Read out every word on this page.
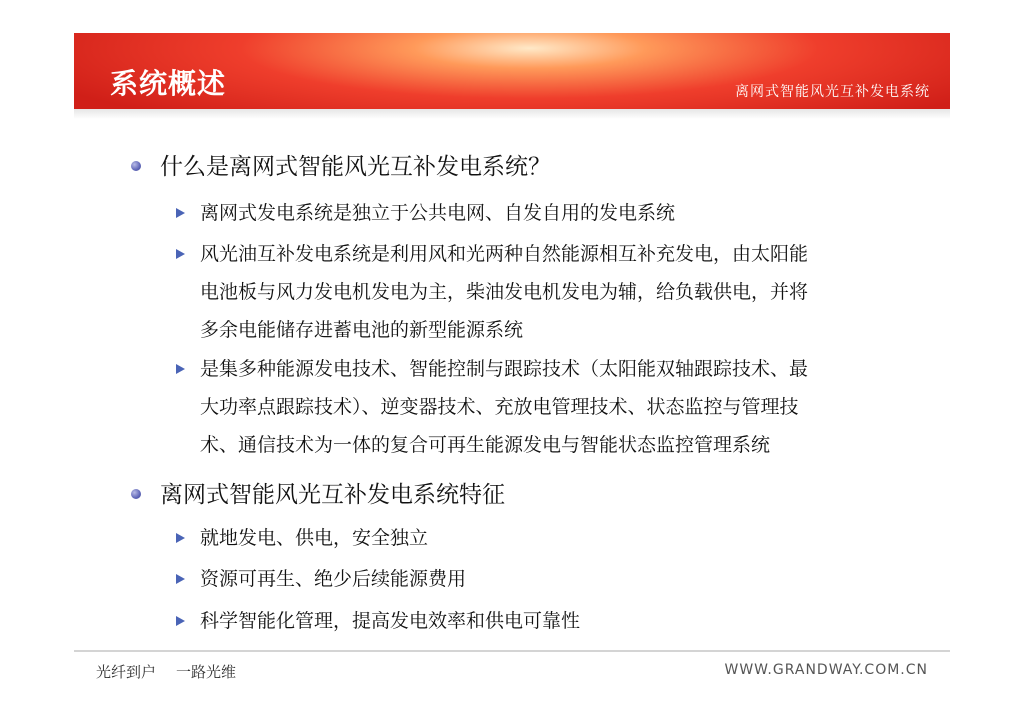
系统概述	离网式智能风光互补发电系统
什么是离网式智能风光互补发电系统？
离网式发电系统是独立于公共电网、自发自用的发电系统
风光油互补发电系统是利用风和光两种自然能源相互补充发电，由太阳能
电池板与风力发电机发电为主，柴油发电机发电为辅，给负载供电，并将
多余电能储存进蓄电池的新型能源系统
是集多种能源发电技术、智能控制与跟踪技术（太阳能双轴跟踪技术、最
大功率点跟踪技术）、逆变器技术、充放电管理技术、状态监控与管理技
术、通信技术为一体的复合可再生能源发电与智能状态监控管理系统
离网式智能风光互补发电系统特征
就地发电、供电，安全独立
资源可再生、绝少后续能源费用
科学智能化管理，提高发电效率和供电可靠性
光纤到户 一路光维	WWW.GRANDWAY.COM.CN
